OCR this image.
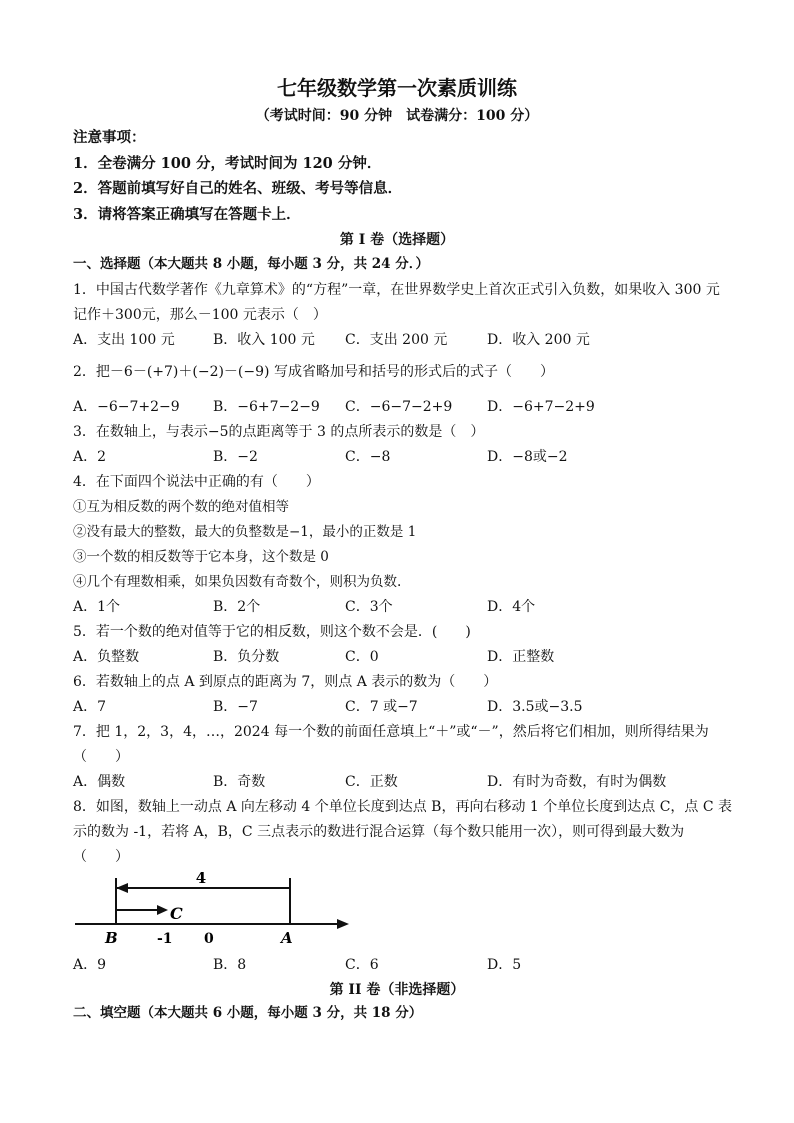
七年级数学第一次素质训练
（考试时间：90 分钟　试卷满分：100 分）
注意事项：
1．全卷满分 100 分，考试时间为 120 分钟．
2．答题前填写好自己的姓名、班级、考号等信息．
3．请将答案正确填写在答题卡上．
第 I 卷（选择题）
一、选择题（本大题共 8 小题，每小题 3 分，共 24 分．）
1．中国古代数学著作《九章算术》的“方程”一章，在世界数学史上首次正式引入负数，如果收入 300 元
记作＋300元，那么－100 元表示（　）
A．支出 100 元	B．收入 100 元 C．支出 200 元	D．收入 200 元
2．把－6－(+7)＋(−2)－(−9) 写成省略加号和括号的形式后的式子（　　）
A．−6−7+2−9 B．−6+7−2−9 C．−6−7−2+9 D．−6+7−2+9
3．在数轴上，与表示−5的点距离等于 3 的点所表示的数是（　）
A．2	B．−2	C．−8	D．−8或−2
4．在下面四个说法中正确的有（　　）
①互为相反数的两个数的绝对值相等
②没有最大的整数，最大的负整数是−1，最小的正数是 1
③一个数的相反数等于它本身，这个数是 0
④几个有理数相乘，如果负因数有奇数个，则积为负数.
A．1个	B．2个	C．3个	D．4个
5．若一个数的绝对值等于它的相反数，则这个数不会是．(　　)
A．负整数	B．负分数	C．0	D．正整数
6．若数轴上的点 A 到原点的距离为 7，则点 A 表示的数为（　　）
A．7	B．−7	C．7 或−7	D．3.5或−3.5
7．把 1，2，3，4，…，2024 每一个数的前面任意填上“＋”或“－”，然后将它们相加，则所得结果为
（　　）
A．偶数	B．奇数	C．正数	D．有时为奇数，有时为偶数
8．如图，数轴上一动点 A 向左移动 4 个单位长度到达点 B，再向右移动 1 个单位长度到达点 C，点 C 表
示的数为 -1，若将 A，B，C 三点表示的数进行混合运算（每个数只能用一次），则可得到最大数为
（　　）
4
C
B	-1 0	A
A．9	B．8	C．6	D．5
第 II 卷（非选择题）
二、填空题（本大题共 6 小题，每小题 3 分，共 18 分）
